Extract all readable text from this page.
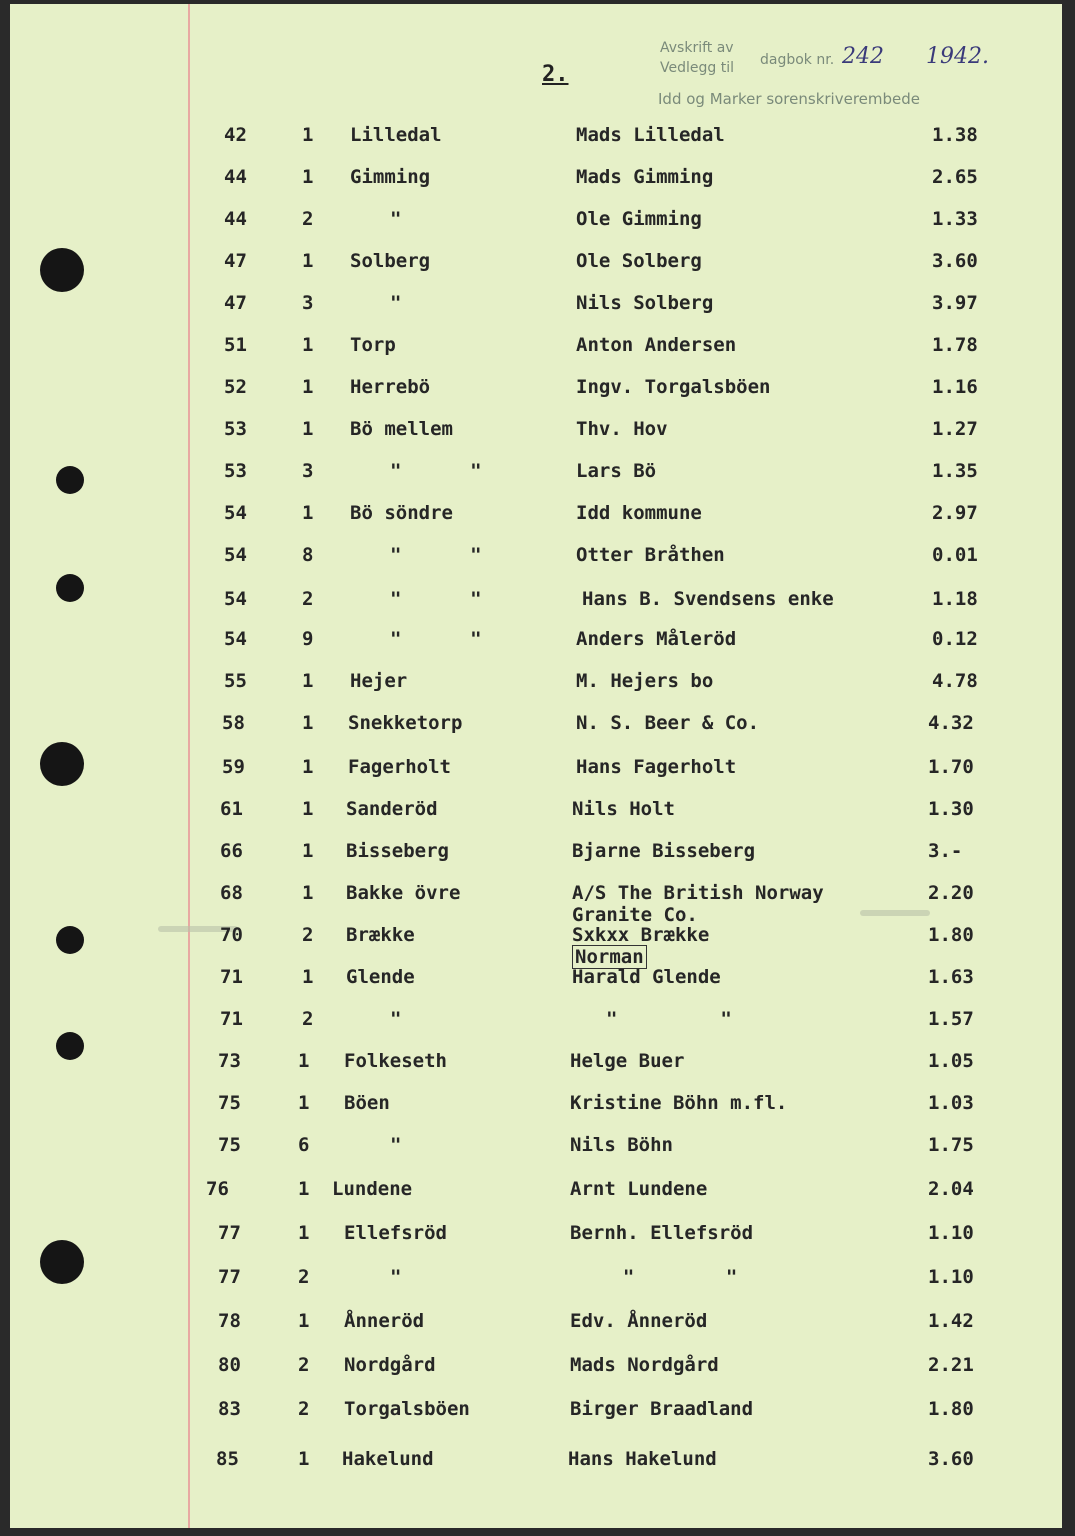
Avskrift av
Vedlegg til dagbok nr.
Idd og Marker sorenskriverembede
242 1942.
2.
42	1 Lilledal	Mads Lilledal	1.38
44	1 Gimming	Mads Gimming	2.65
44	2	"	Ole Gimming	1.33
47	1 Solberg	Ole Solberg	3.60
47	3	"	Nils Solberg	3.97
51	1 Torp	Anton Andersen	1.78
52	1 Herrebö	Ingv. Torgalsböen	1.16
53	1 Bö mellem	Thv. Hov	1.27
53	3	"      "	Lars Bö	1.35
54	1 Bö söndre	Idd kommune	2.97
54	8	"      "	Otter Bråthen	0.01
54	2	"      "	Hans B. Svendsens enke	1.18
54	9	"      "	Anders Måleröd	0.12
55	1 Hejer	M. Hejers bo	4.78
58	1 Snekketorp	N. S. Beer & Co.	4.32
59	1 Fagerholt	Hans Fagerholt	1.70
61	1 Sanderöd	Nils Holt	1.30
66	1 Bisseberg	Bjarne Bisseberg	3.-
68	1 Bakke övre	A/S The British Norway	2.20
Granite Co.
70	2 Brække	Sxkxx Brække	1.80
Norman
71	1 Glende	Harald Glende	1.63
71	2	"	"         "	1.57
73	1 Folkeseth	Helge Buer	1.05
75	1 Böen	Kristine Böhn m.fl.	1.03
75	6	"	Nils Böhn	1.75
76	1 Lundene	Arnt Lundene	2.04
77	1 Ellefsröd	Bernh. Ellefsröd	1.10
77	2	"	"        "	1.10
78	1 Ånneröd	Edv. Ånneröd	1.42
80	2 Nordgård	Mads Nordgård	2.21
83	2 Torgalsböen	Birger Braadland	1.80
85	1 Hakelund	Hans Hakelund	3.60
